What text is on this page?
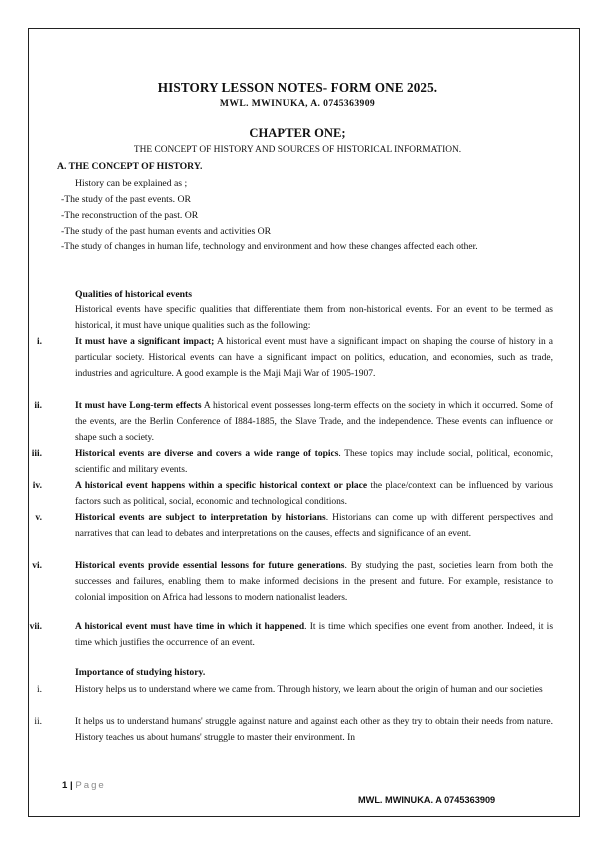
HISTORY LESSON NOTES- FORM ONE 2025.
MWL. MWINUKA, A. 0745363909
CHAPTER ONE;
THE CONCEPT OF HISTORY AND SOURCES OF HISTORICAL INFORMATION.
A. THE CONCEPT OF HISTORY.
History can be explained as ;
-The study of the past events. OR
-The reconstruction of the past. OR
-The study of the past human events and activities OR
-The study of changes in human life, technology and environment and how these changes affected each other.
Qualities of historical events
Historical events have specific qualities that differentiate them from non-historical events. For an event to be termed as historical, it must have unique qualities such as the following:
i.	It must have a significant impact; A historical event must have a significant impact on shaping the course of history in a particular society. Historical events can have a significant impact on politics, education, and economies, such as trade, industries and agriculture. A good example is the Maji Maji War of 1905-1907.
ii.	It must have Long-term effects A historical event possesses long-term effects on the society in which it occurred. Some of the events, are the Berlin Conference of I884-1885, the Slave Trade, and the independence. These events can influence or shape such a society.
iii.	Historical events are diverse and covers a wide range of topics. These topics may include social, political, economic, scientific and military events.
iv.	A historical event happens within a specific historical context or place the place/context can be influenced by various factors such as political, social, economic and technological conditions.
v.	Historical events are subject to interpretation by historians. Historians can come up with different perspectives and narratives that can lead to debates and interpretations on the causes, effects and significance of an event.
vi.	Historical events provide essential lessons for future generations. By studying the past, societies learn from both the successes and failures, enabling them to make informed decisions in the present and future. For example, resistance to colonial imposition on Africa had lessons to modern nationalist leaders.
vii.	A historical event must have time in which it happened. It is time which specifies one event from another. Indeed, it is time which justifies the occurrence of an event.
Importance of studying history.
i.	History helps us to understand where we came from. Through history, we learn about the origin of human and our societies
ii.	It helps us to understand humans' struggle against nature and against each other as they try to obtain their needs from nature. History teaches us about humans' struggle to master their environment. In
1 | Page
MWL. MWINUKA. A 0745363909
